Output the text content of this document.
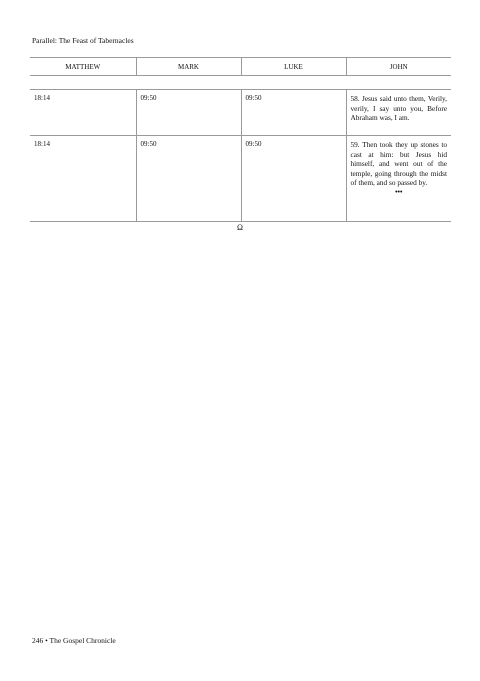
Parallel: The Feast of Tabernacles
MATTHEW	MARK	LUKE	JOHN

18:14	09:50	09:50	58. Jesus said unto them, Verily, verily, I say unto you, Before Abraham was, I am.
18:14	09:50	09:50	59. Then took they up stones to cast at him: but Jesus hid himself, and went out of the temple, going through the midst of them, and so passed by.
•••
Ω
246 • The Gospel Chronicle
